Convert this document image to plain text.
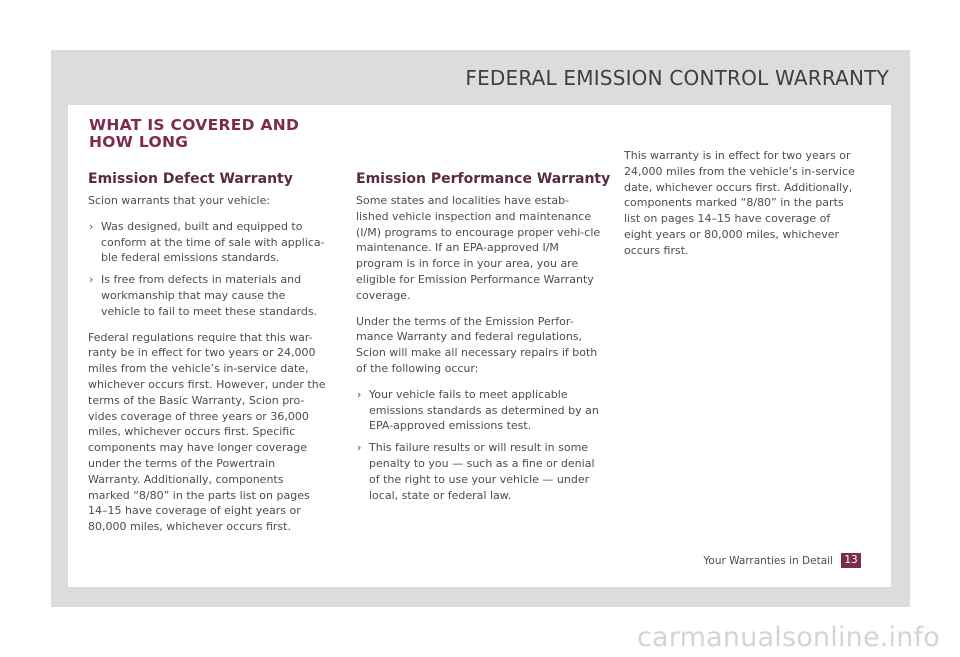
FEDERAL EMISSION CONTROL WARRANTY
WHAT IS COVERED AND
HOW LONG
Emission Defect Warranty

Scion warrants that your vehicle:

› Was designed, built and equipped to conform at the time of sale with applica-ble federal emissions standards.
› Is free from defects in materials and workmanship that may cause the vehicle to fail to meet these standards.

Federal regulations require that this war-ranty be in effect for two years or 24,000 miles from the vehicle’s in-service date, whichever occurs first. However, under the terms of the Basic Warranty, Scion pro-vides coverage of three years or 36,000 miles, whichever occurs first. Specific components may have longer coverage under the terms of the Powertrain Warranty. Additionally, components marked “8/80” in the parts list on pages 14–15 have coverage of eight years or 80,000 miles, whichever occurs first.

Emission Performance Warranty

Some states and localities have estab-lished vehicle inspection and maintenance (I/M) programs to encourage proper vehi-cle maintenance. If an EPA-approved I/M program is in force in your area, you are eligible for Emission Performance Warranty coverage.

Under the terms of the Emission Perfor-mance Warranty and federal regulations, Scion will make all necessary repairs if both of the following occur:

› Your vehicle fails to meet applicable emissions standards as determined by an EPA-approved emissions test.
› This failure results or will result in some penalty to you — such as a fine or denial of the right to use your vehicle — under local, state or federal law.

This warranty is in effect for two years or 24,000 miles from the vehicle’s in-service date, whichever occurs first. Additionally, components marked “8/80” in the parts list on pages 14–15 have coverage of eight years or 80,000 miles, whichever occurs first.

Your Warranties in Detail	13
carmanualsonline.info
